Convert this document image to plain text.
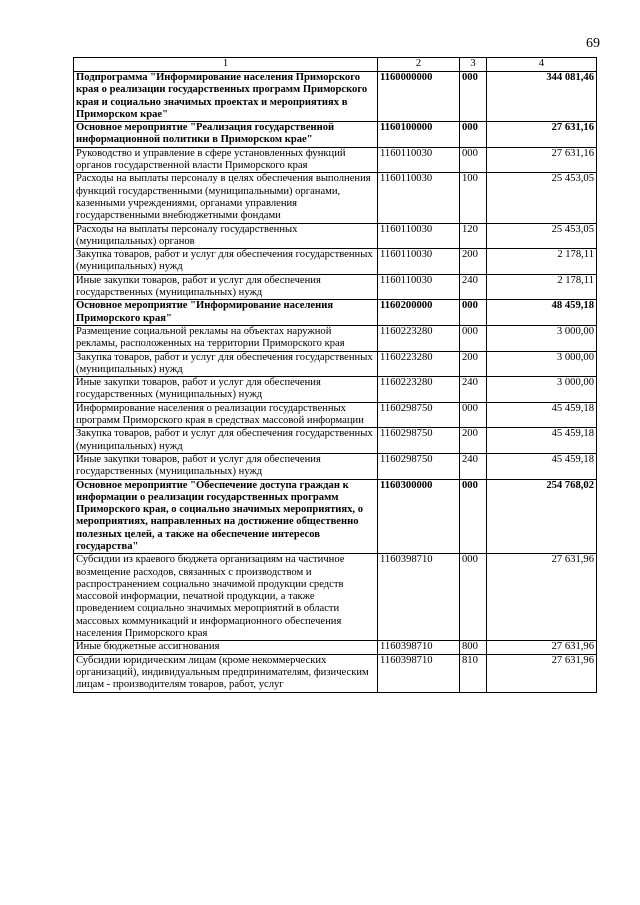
69
1	2	3	4
Подпрограмма "Информирование населения Приморского края о реализации государственных программ Приморского края и социально значимых проектах и мероприятиях в Приморском крае"	1160000000	000	344 081,46
Основное мероприятие "Реализация государственной информационной политики в Приморском крае"	1160100000	000	27 631,16
Руководство и управление в сфере установленных функций органов государственной власти Приморского края	1160110030	000	27 631,16
Расходы на выплаты персоналу в целях обеспечения выполнения функций государственными (муниципальными) органами, казенными учреждениями, органами управления государственными внебюджетными фондами	1160110030	100	25 453,05
Расходы на выплаты персоналу государственных (муниципальных) органов	1160110030	120	25 453,05
Закупка товаров, работ и услуг для обеспечения государственных (муниципальных) нужд	1160110030	200	2 178,11
Иные закупки товаров, работ и услуг для обеспечения государственных (муниципальных) нужд	1160110030	240	2 178,11
Основное мероприятие "Информирование населения Приморского края"	1160200000	000	48 459,18
Размещение социальной рекламы на объектах наружной рекламы, расположенных на территории Приморского края	1160223280	000	3 000,00
Закупка товаров, работ и услуг для обеспечения государственных (муниципальных) нужд	1160223280	200	3 000,00
Иные закупки товаров, работ и услуг для обеспечения государственных (муниципальных) нужд	1160223280	240	3 000,00
Информирование населения о реализации государственных программ Приморского края в средствах массовой информации	1160298750	000	45 459,18
Закупка товаров, работ и услуг для обеспечения государственных (муниципальных) нужд	1160298750	200	45 459,18
Иные закупки товаров, работ и услуг для обеспечения государственных (муниципальных) нужд	1160298750	240	45 459,18
Основное мероприятие "Обеспечение доступа граждан к информации о реализации государственных программ Приморского края, о социально значимых мероприятиях, о мероприятиях, направленных на достижение общественно полезных целей, а также на обеспечение интересов государства"	1160300000	000	254 768,02
Субсидии из краевого бюджета организациям на частичное возмещение расходов, связанных с производством и распространением социально значимой продукции средств массовой информации, печатной продукции, а также проведением социально значимых мероприятий в области массовых коммуникаций и информационного обеспечения населения Приморского края	1160398710	000	27 631,96
Иные бюджетные ассигнования	1160398710	800	27 631,96
Субсидии юридическим лицам (кроме некоммерческих организаций), индивидуальным предпринимателям, физическим лицам - производителям товаров, работ, услуг	1160398710	810	27 631,96
